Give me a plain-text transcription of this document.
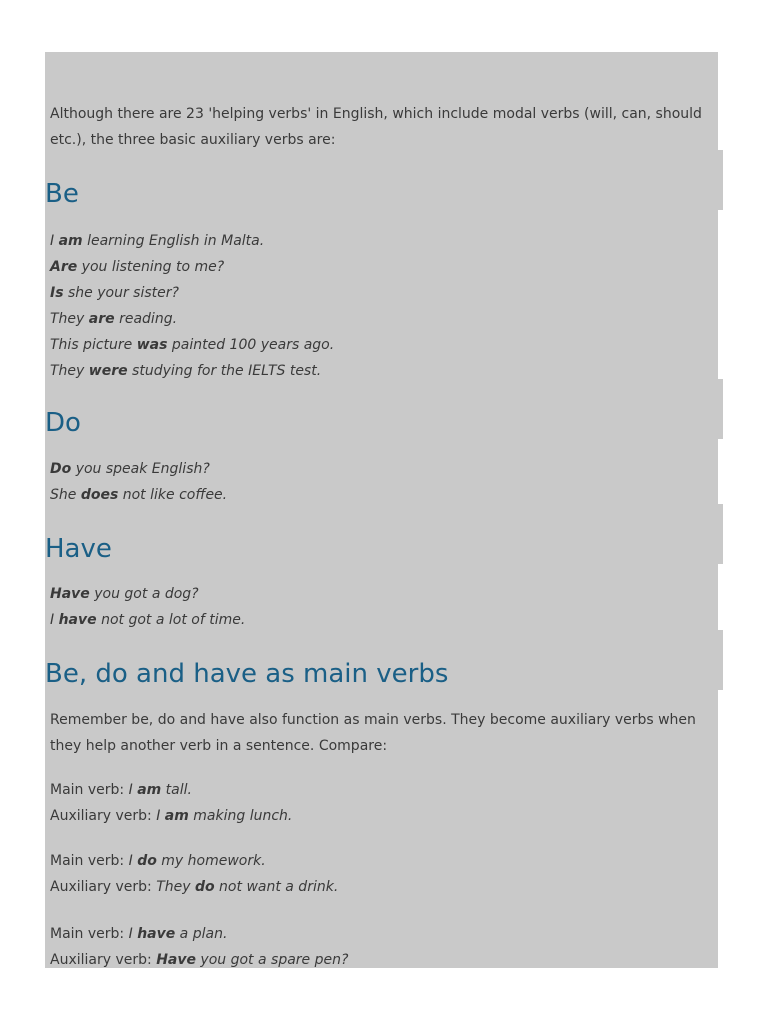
Although there are 23 'helping verbs' in English, which include modal verbs (will, can, should
etc.), the three basic auxiliary verbs are:
Be
I am learning English in Malta.
Are you listening to me?
Is she your sister?
They are reading.
This picture was painted 100 years ago.
They were studying for the IELTS test.
Do
Do you speak English?
She does not like coffee.
Have
Have you got a dog?
I have not got a lot of time.
Be, do and have as main verbs
Remember be, do and have also function as main verbs. They become auxiliary verbs when
they help another verb in a sentence. Compare:
Main verb: I am tall.
Auxiliary verb: I am making lunch.
Main verb: I do my homework.
Auxiliary verb: They do not want a drink.
Main verb: I have a plan.
Auxiliary verb: Have you got a spare pen?
